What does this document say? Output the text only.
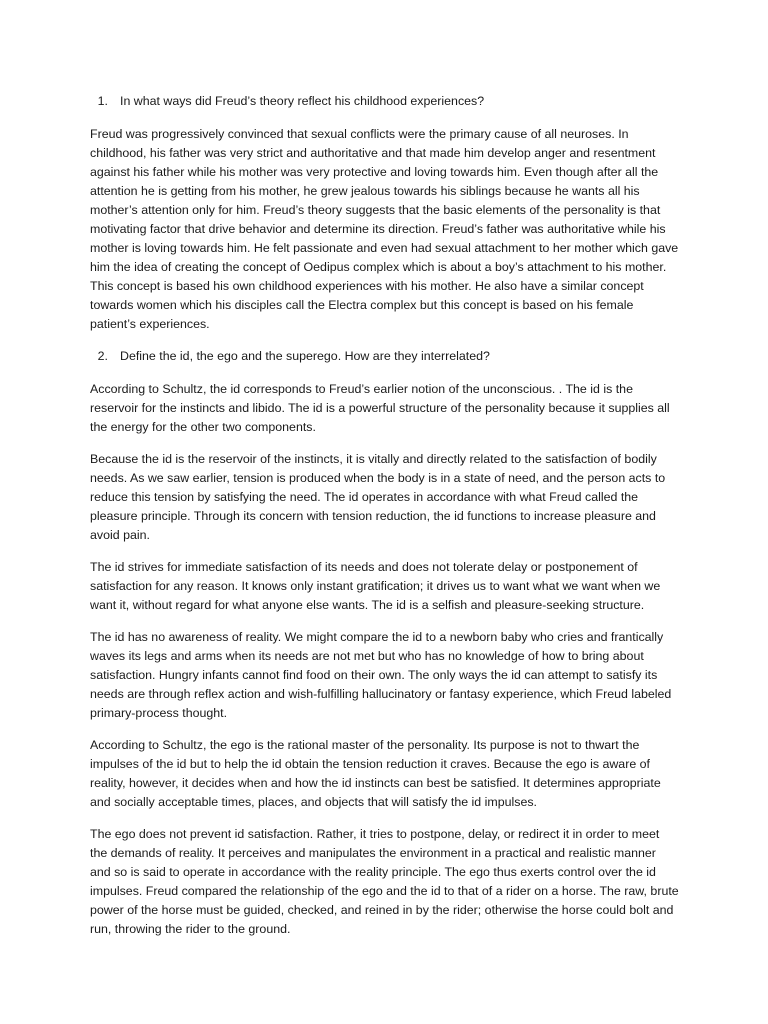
1. In what ways did Freud’s theory reflect his childhood experiences?

Freud was progressively convinced that sexual conflicts were the primary cause of all neuroses. In childhood, his father was very strict and authoritative and that made him develop anger and resentment against his father while his mother was very protective and loving towards him. Even though after all the attention he is getting from his mother, he grew jealous towards his siblings because he wants all his mother’s attention only for him. Freud’s theory suggests that the basic elements of the personality is that motivating factor that drive behavior and determine its direction. Freud’s father was authoritative while his mother is loving towards him. He felt passionate and even had sexual attachment to her mother which gave him the idea of creating the concept of Oedipus complex which is about a boy’s attachment to his mother. This concept is based his own childhood experiences with his mother. He also have a similar concept towards women which his disciples call the Electra complex but this concept is based on his female patient’s experiences.

2. Define the id, the ego and the superego. How are they interrelated?

According to Schultz, the id corresponds to Freud’s earlier notion of the unconscious. . The id is the reservoir for the instincts and libido. The id is a powerful structure of the personality because it supplies all the energy for the other two components.

Because the id is the reservoir of the instincts, it is vitally and directly related to the satisfaction of bodily needs. As we saw earlier, tension is produced when the body is in a state of need, and the person acts to reduce this tension by satisfying the need. The id operates in accordance with what Freud called the pleasure principle. Through its concern with tension reduction, the id functions to increase pleasure and avoid pain.

The id strives for immediate satisfaction of its needs and does not tolerate delay or postponement of satisfaction for any reason. It knows only instant gratification; it drives us to want what we want when we want it, without regard for what anyone else wants. The id is a selfish and pleasure-seeking structure.

The id has no awareness of reality. We might compare the id to a newborn baby who cries and frantically waves its legs and arms when its needs are not met but who has no knowledge of how to bring about satisfaction. Hungry infants cannot find food on their own. The only ways the id can attempt to satisfy its needs are through reflex action and wish-fulfilling hallucinatory or fantasy experience, which Freud labeled primary-process thought.

According to Schultz, the ego is the rational master of the personality. Its purpose is not to thwart the impulses of the id but to help the id obtain the tension reduction it craves. Because the ego is aware of reality, however, it decides when and how the id instincts can best be satisfied. It determines appropriate and socially acceptable times, places, and objects that will satisfy the id impulses.

The ego does not prevent id satisfaction. Rather, it tries to postpone, delay, or redirect it in order to meet the demands of reality. It perceives and manipulates the environment in a practical and realistic manner and so is said to operate in accordance with the reality principle. The ego thus exerts control over the id impulses. Freud compared the relationship of the ego and the id to that of a rider on a horse. The raw, brute power of the horse must be guided, checked, and reined in by the rider; otherwise the horse could bolt and run, throwing the rider to the ground.
